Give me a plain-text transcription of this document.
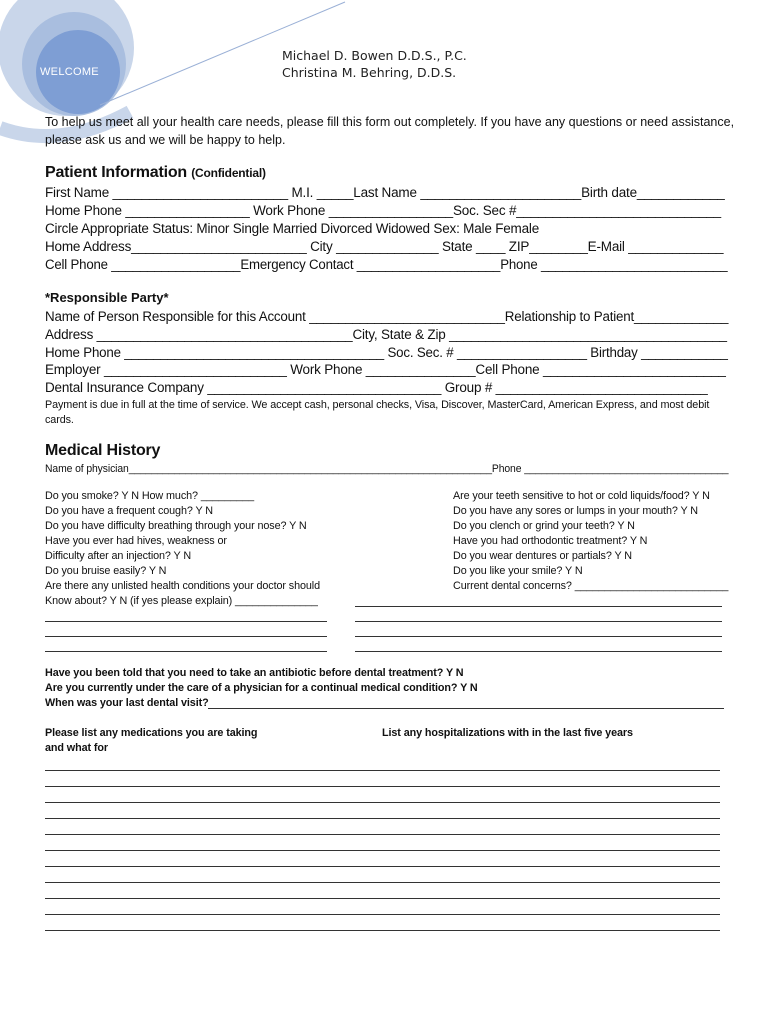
WELCOME
Michael D. Bowen D.D.S., P.C.
Christina M. Behring, D.D.S.
To help us meet all your health care needs, please fill this form out completely. If you have any questions or need assistance, please ask us and we will be happy to help.
Patient Information (Confidential)
First Name ________________________ M.I. _____Last Name ______________________Birth date____________
Home Phone _________________ Work Phone _________________Soc. Sec #____________________________
Circle Appropriate Status: Minor Single Married Divorced Widowed Sex: Male Female
Home Address________________________ City ______________ State ____ ZIP________E-Mail _____________
Cell Phone __________________Emergency Contact ____________________Phone __________________________
*Responsible Party*
Name of Person Responsible for this Account ___________________________Relationship to Patient_____________
Address ___________________________________City, State & Zip ______________________________________
Home Phone ____________________________________ Soc. Sec. # __________________ Birthday ____________
Employer _________________________ Work Phone _______________Cell Phone _________________________
Dental Insurance Company ________________________________ Group # _____________________________
Payment is due in full at the time of service. We accept cash, personal checks, Visa, Discover, MasterCard, American Express, and most debit cards.
Medical History
Name of physician________________________________________________________________Phone ____________________________________
Do you smoke? Y N How much? _________
Do you have a frequent cough? Y N
Do you have difficulty breathing through your nose? Y N
Have you ever had hives, weakness or
Difficulty after an injection? Y N
Do you bruise easily? Y N
Are there any unlisted health conditions your doctor should
Know about? Y N (if yes please explain) ______________
Are your teeth sensitive to hot or cold liquids/food? Y N
Do you have any sores or lumps in your mouth? Y N
Do you clench or grind your teeth? Y N
Have you had orthodontic treatment? Y N
Do you wear dentures or partials? Y N
Do you like your smile? Y N
Current dental concerns? __________________________
Have you been told that you need to take an antibiotic before dental treatment? Y N
Are you currently under the care of a physician for a continual medical condition? Y N
When was your last dental visit?
Please list any medications you are taking
and what for
List any hospitalizations with in the last five years
